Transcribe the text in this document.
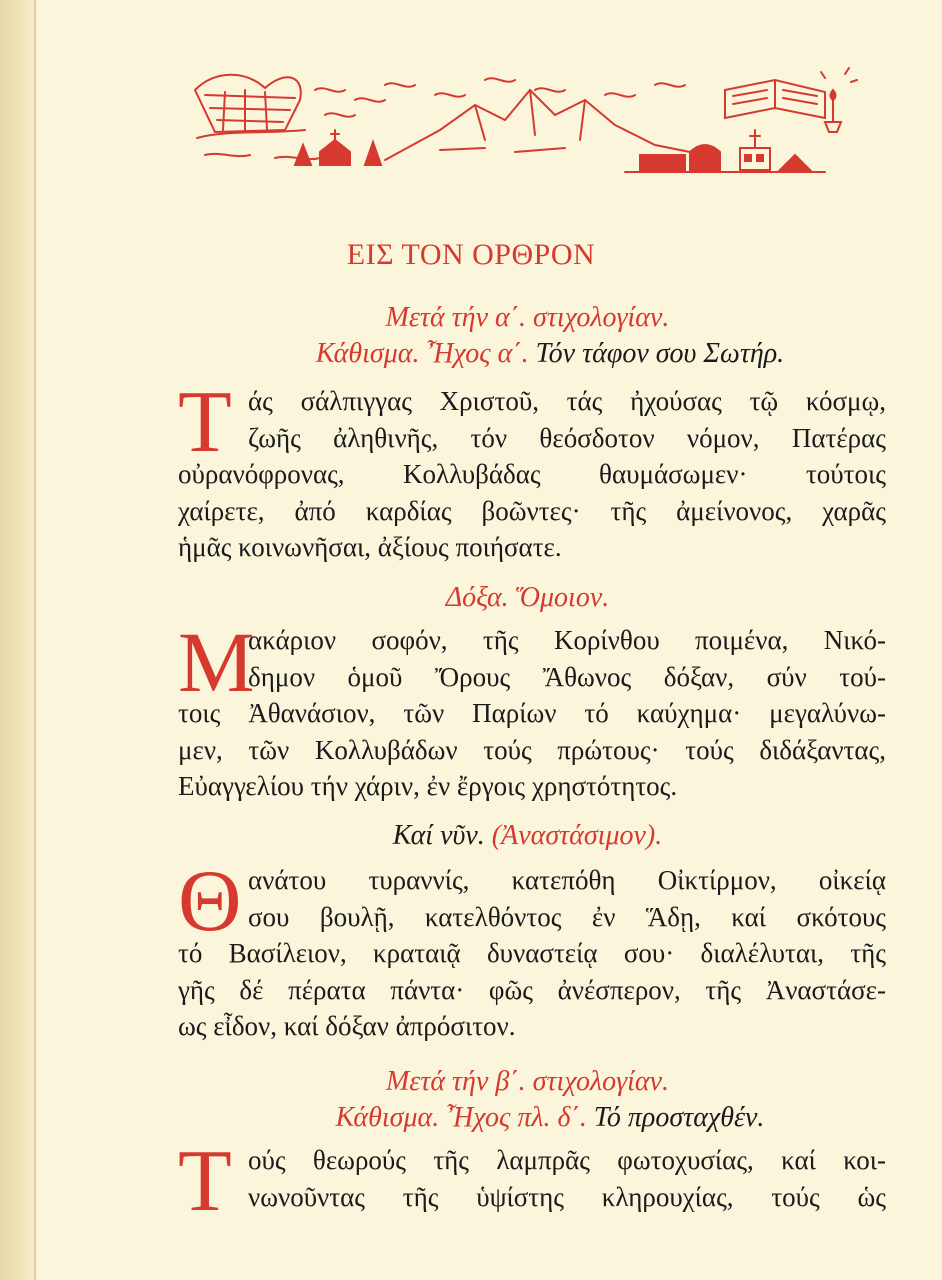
ΕΙΣ ΤΟΝ ΟΡΘΡΟΝ
Μετά τήν α΄. στιχολογίαν.
Κάθισμα. Ἦχος α΄. Τόν τάφον σου Σωτήρ.
Τ άς σάλπιγγας Χριστοῦ, τάς ἠχούσας τῷ κόσμῳ,
ζωῆς ἀληθινῆς, τόν θεόσδοτον νόμον, Πατέρας
οὐρανόφρονας, Κολλυβάδας θαυμάσωμεν· τούτοις
χαίρετε, ἀπό καρδίας βοῶντες· τῆς ἀμείνονος, χαρᾶς
ἡμᾶς κοινωνῆσαι, ἀξίους ποιήσατε.
Δόξα. Ὅμοιον.
Μ
ακάριον σοφόν, τῆς Κορίνθου ποιμένα, Νικό-
δημον ὁμοῦ Ὄρους Ἄθωνος δόξαν, σύν τού-
τοις Ἀθανάσιον, τῶν Παρίων τό καύχημα· μεγαλύνω-
μεν, τῶν Κολλυβάδων τούς πρώτους· τούς διδάξαντας,
Εὐαγγελίου τήν χάριν, ἐν ἔργοις χρηστότητος.
Καί νῦν. (Ἀναστάσιμον).
Θ ανάτου τυραννίς, κατεπόθη Οἰκτίρμον, οἰκείᾳ
σου βουλῇ, κατελθόντος ἐν Ἅδῃ, καί σκότους
τό Βασίλειον, κραταιᾷ δυναστείᾳ σου· διαλέλυται, τῆς
γῆς δέ πέρατα πάντα· φῶς ἀνέσπερον, τῆς Ἀναστάσε-
ως εἶδον, καί δόξαν ἀπρόσιτον.
Μετά τήν β΄. στιχολογίαν.
Κάθισμα. Ἦχος πλ. δ΄. Τό προσταχθέν.
Τ ούς θεωρούς τῆς λαμπρᾶς φωτοχυσίας, καί κοι-
νωνοῦντας τῆς ὑψίστης κληρουχίας, τούς ὡς
